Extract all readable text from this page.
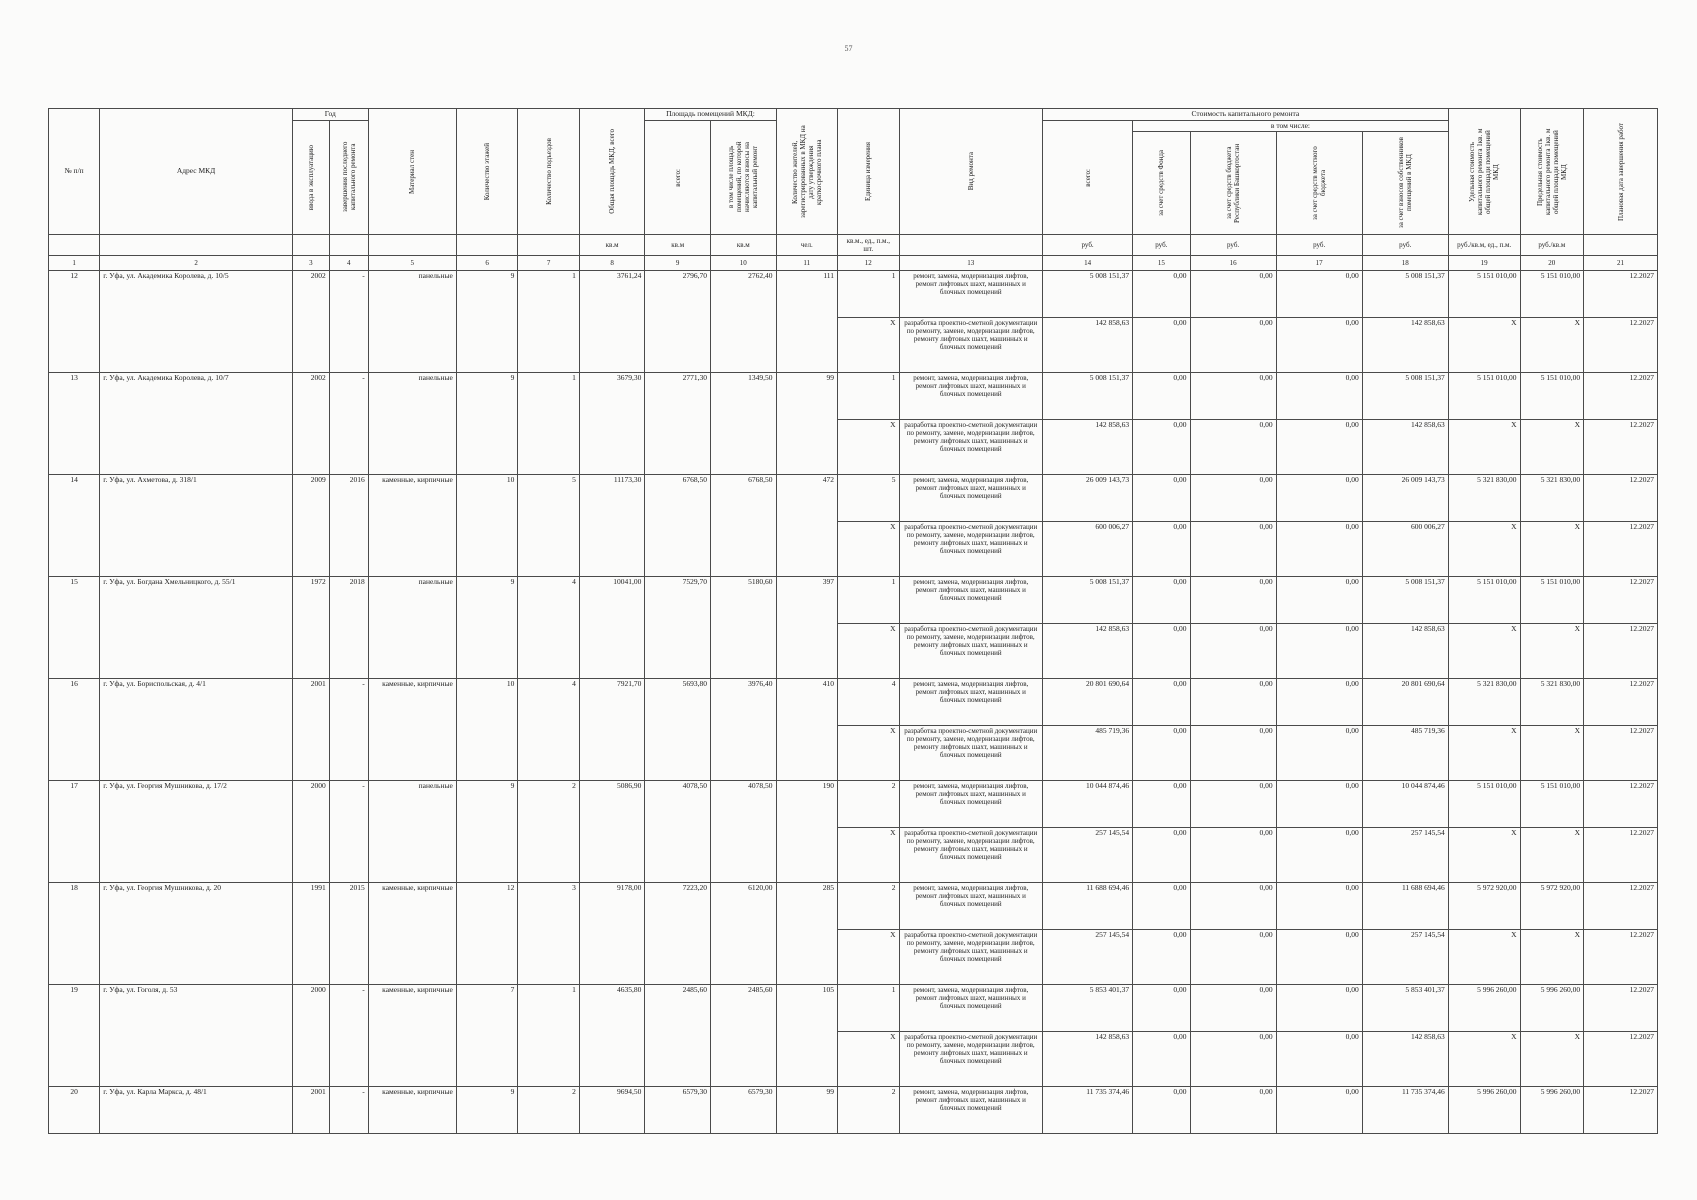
57
№ п/п	Адрес МКД	Год		Материал стен	Количество этажей	Количество подъездов	Общая площадь МКД, всего	Площадь помещений МКД:		Количество жителей, зарегистрированных в МКД на дату утверждения краткосрочного плана	Единица измерения	Вид ремонта	Стоимость капитального ремонта					Удельная стоимость капитального ремонта 1кв. м общей площади помещений МКД	Предельная стоимость капитального ремонта 1кв. м общей площади помещений МКД	Плановая дата завершения работ

		ввода в эксплуатацию	завершения последнего капитального ремонта					всего:	в том числе площадь помещений, по которой начисляются взносы на капитальный ремонт				всего:	в том числе:						

														за счет средств Фонда	за счет средств бюджета Республики Башкортостан	за счет средств местного бюджета	за счет взносов собственников помещений в МКД			

							кв.м	кв.м	кв.м	чел.	кв.м., ед., п.м., шт.		руб.	руб.	руб.	руб.	руб.	руб./кв.м, ед., п.м.	руб./кв.м	
1	2	3	4	5	6	7	8	9	10	11	12	13	14	15	16	17	18	19	20	21
12	г. Уфа, ул. Академика Королева, д. 10/5	2002	-	панельные	9	1	3761,24	2796,70	2762,40	111	1	ремонт, замена, модернизация лифтов, ремонт лифтовых шахт, машинных и блочных помещений	5 008 151,37	0,00	0,00	0,00	5 008 151,37	5 151 010,00	5 151 010,00	12.2027
											X	разработка проектно-сметной документации по ремонту, замене, модернизации лифтов, ремонту лифтовых шахт, машинных и блочных помещений	142 858,63	0,00	0,00	0,00	142 858,63	X	X	12.2027
13	г. Уфа, ул. Академика Королева, д. 10/7	2002	-	панельные	9	1	3679,30	2771,30	1349,50	99	1	ремонт, замена, модернизация лифтов, ремонт лифтовых шахт, машинных и блочных помещений	5 008 151,37	0,00	0,00	0,00	5 008 151,37	5 151 010,00	5 151 010,00	12.2027
											X	разработка проектно-сметной документации по ремонту, замене, модернизации лифтов, ремонту лифтовых шахт, машинных и блочных помещений	142 858,63	0,00	0,00	0,00	142 858,63	X	X	12.2027
14	г. Уфа, ул. Ахметова, д. 318/1	2009	2016	каменные, кирпичные	10	5	11173,30	6768,50	6768,50	472	5	ремонт, замена, модернизация лифтов, ремонт лифтовых шахт, машинных и блочных помещений	26 009 143,73	0,00	0,00	0,00	26 009 143,73	5 321 830,00	5 321 830,00	12.2027
											X	разработка проектно-сметной документации по ремонту, замене, модернизации лифтов, ремонту лифтовых шахт, машинных и блочных помещений	600 006,27	0,00	0,00	0,00	600 006,27	X	X	12.2027
15	г. Уфа, ул. Богдана Хмельницкого, д. 55/1	1972	2018	панельные	9	4	10041,00	7529,70	5180,60	397	1	ремонт, замена, модернизация лифтов, ремонт лифтовых шахт, машинных и блочных помещений	5 008 151,37	0,00	0,00	0,00	5 008 151,37	5 151 010,00	5 151 010,00	12.2027
											X	разработка проектно-сметной документации по ремонту, замене, модернизации лифтов, ремонту лифтовых шахт, машинных и блочных помещений	142 858,63	0,00	0,00	0,00	142 858,63	X	X	12.2027
16	г. Уфа, ул. Бориспольская, д. 4/1	2001	-	каменные, кирпичные	10	4	7921,70	5693,80	3976,40	410	4	ремонт, замена, модернизация лифтов, ремонт лифтовых шахт, машинных и блочных помещений	20 801 690,64	0,00	0,00	0,00	20 801 690,64	5 321 830,00	5 321 830,00	12.2027
											X	разработка проектно-сметной документации по ремонту, замене, модернизации лифтов, ремонту лифтовых шахт, машинных и блочных помещений	485 719,36	0,00	0,00	0,00	485 719,36	X	X	12.2027
17	г. Уфа, ул. Георгия Мушникова, д. 17/2	2000	-	панельные	9	2	5086,90	4078,50	4078,50	190	2	ремонт, замена, модернизация лифтов, ремонт лифтовых шахт, машинных и блочных помещений	10 044 874,46	0,00	0,00	0,00	10 044 874,46	5 151 010,00	5 151 010,00	12.2027
											X	разработка проектно-сметной документации по ремонту, замене, модернизации лифтов, ремонту лифтовых шахт, машинных и блочных помещений	257 145,54	0,00	0,00	0,00	257 145,54	X	X	12.2027
18	г. Уфа, ул. Георгия Мушникова, д. 20	1991	2015	каменные, кирпичные	12	3	9178,00	7223,20	6120,00	285	2	ремонт, замена, модернизация лифтов, ремонт лифтовых шахт, машинных и блочных помещений	11 688 694,46	0,00	0,00	0,00	11 688 694,46	5 972 920,00	5 972 920,00	12.2027
											X	разработка проектно-сметной документации по ремонту, замене, модернизации лифтов, ремонту лифтовых шахт, машинных и блочных помещений	257 145,54	0,00	0,00	0,00	257 145,54	X	X	12.2027
19	г. Уфа, ул. Гоголя, д. 53	2000	-	каменные, кирпичные	7	1	4635,80	2485,60	2485,60	105	1	ремонт, замена, модернизация лифтов, ремонт лифтовых шахт, машинных и блочных помещений	5 853 401,37	0,00	0,00	0,00	5 853 401,37	5 996 260,00	5 996 260,00	12.2027
											X	разработка проектно-сметной документации по ремонту, замене, модернизации лифтов, ремонту лифтовых шахт, машинных и блочных помещений	142 858,63	0,00	0,00	0,00	142 858,63	X	X	12.2027
20	г. Уфа, ул. Карла Маркса, д. 48/1	2001	-	каменные, кирпичные	9	2	9694,50	6579,30	6579,30	99	2	ремонт, замена, модернизация лифтов, ремонт лифтовых шахт, машинных и блочных помещений	11 735 374,46	0,00	0,00	0,00	11 735 374,46	5 996 260,00	5 996 260,00	12.2027
